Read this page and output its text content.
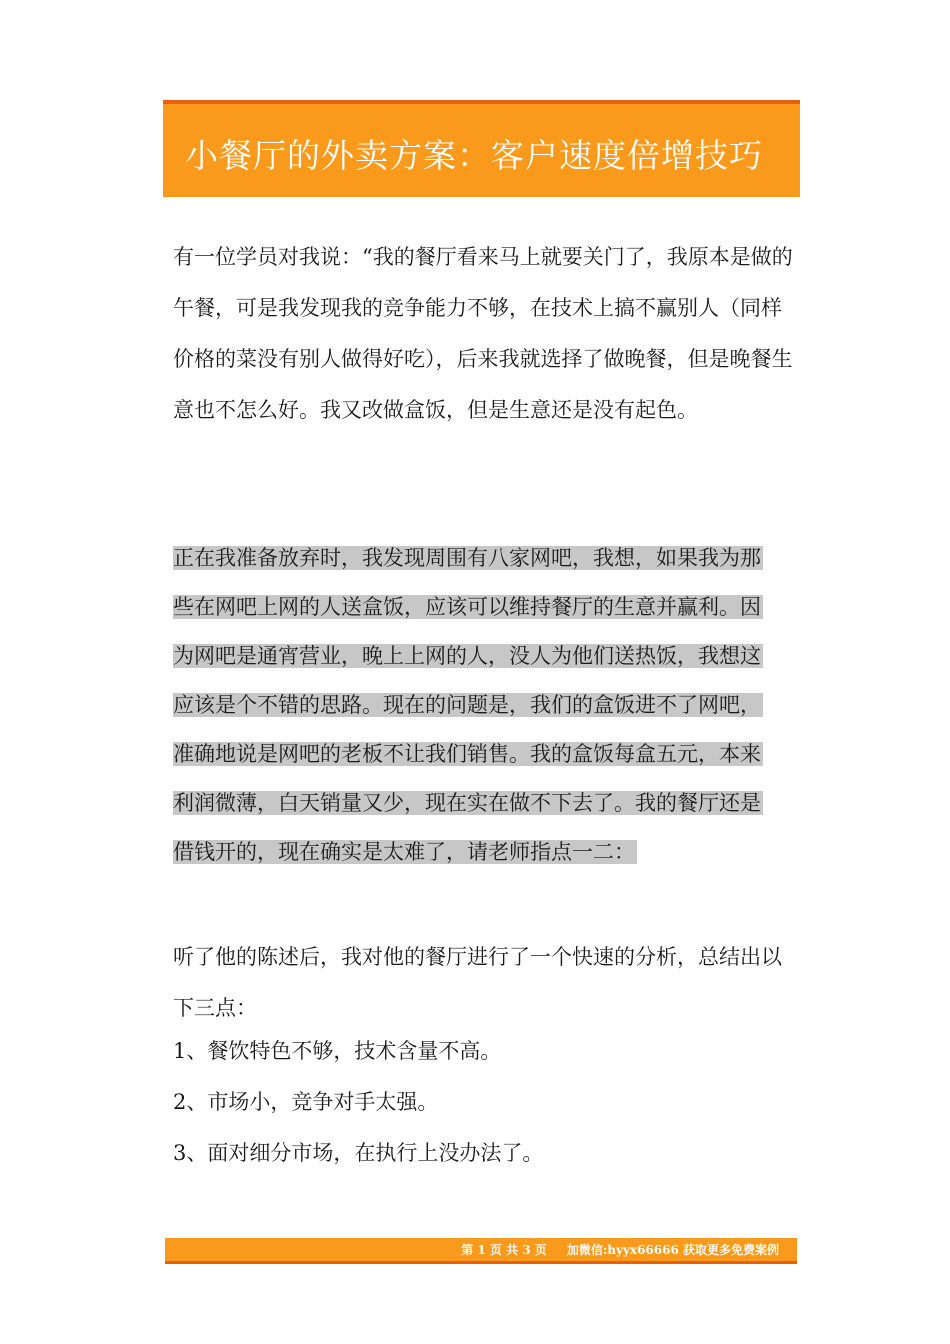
小餐厅的外卖方案：客户速度倍增技巧

有一位学员对我说：“我的餐厅看来马上就要关门了，我原本是做的午餐，可是我发现我的竞争能力不够，在技术上搞不赢别人（同样价格的菜没有别人做得好吃），后来我就选择了做晚餐，但是晚餐生意也不怎么好。我又改做盒饭，但是生意还是没有起色。

正在我准备放弃时，我发现周围有八家网吧，我想，如果我为那
些在网吧上网的人送盒饭，应该可以维持餐厅的生意并赢利。因
为网吧是通宵营业，晚上上网的人，没人为他们送热饭，我想这
应该是个不错的思路。现在的问题是，我们的盒饭进不了网吧，
准确地说是网吧的老板不让我们销售。我的盒饭每盒五元，本来
利润微薄，白天销量又少，现在实在做不下去了。我的餐厅还是
借钱开的，现在确实是太难了，请老师指点一二：

听了他的陈述后，我对他的餐厅进行了一个快速的分析，总结出以下三点：

1、餐饮特色不够，技术含量不高。
2、市场小，竞争对手太强。
3、面对细分市场，在执行上没办法了。
第 1 页 共 3 页 加微信:hyyx66666 获取更多免费案例
